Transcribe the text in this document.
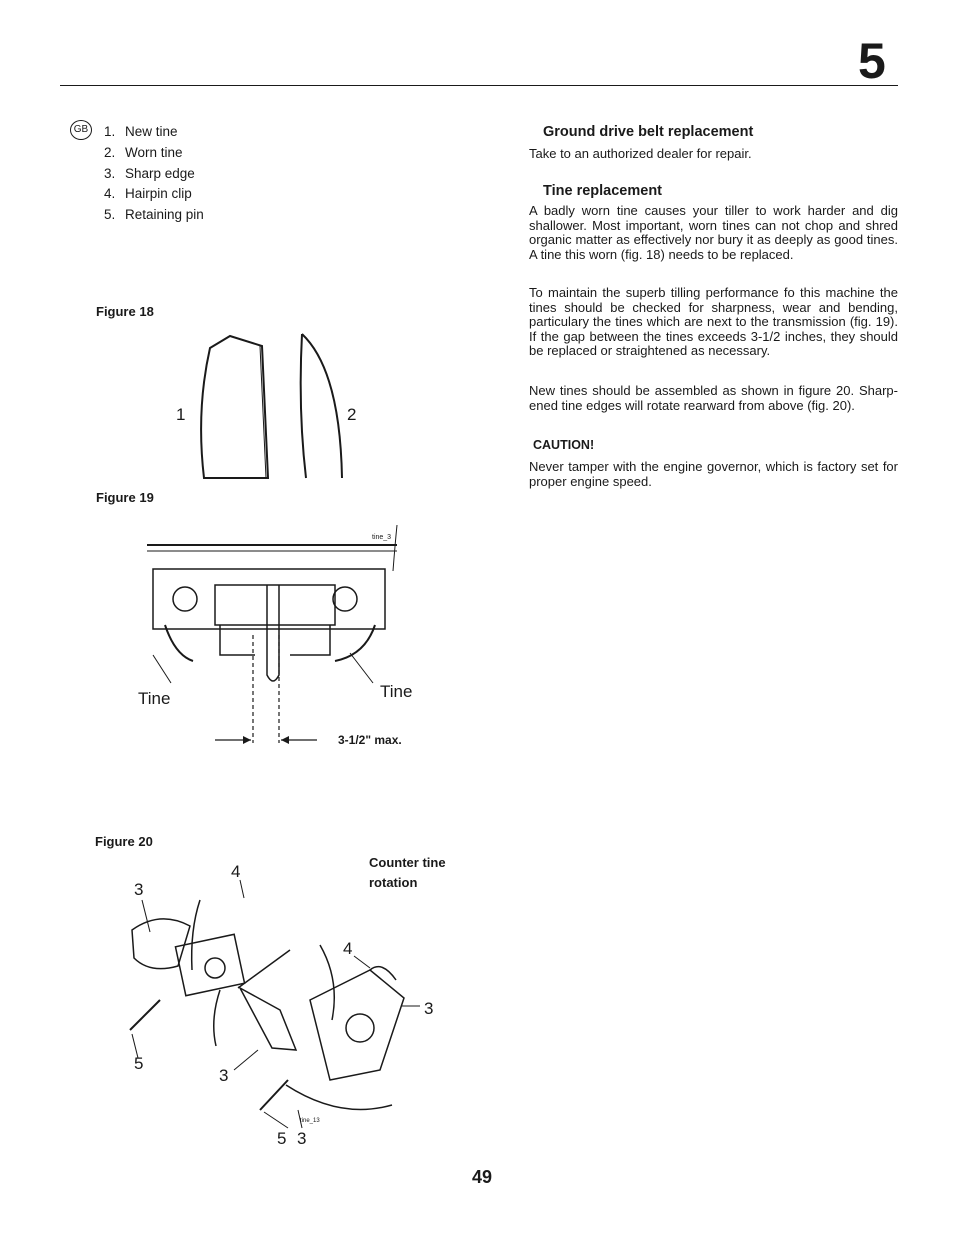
5
GB 1. New tine
2. Worn tine
3. Sharp edge
4. Hairpin clip
5. Retaining pin
Figure 18
1	2
Figure 19
tine_3
Tine	Tine
3-1/2" max.
Figure 20
Counter tine
rotation
3
4
4
3
5
3
5 3
tine_13
Ground drive belt replacement
Take to an authorized dealer for repair.
Tine replacement
A badly worn tine causes your tiller to work harder and dig shallower. Most important, worn tines can not chop and shred organic matter as effectively nor bury it as deeply as good tines. A tine this worn (fig. 18) needs to be replaced.
To maintain the superb tilling performance fo this machine the tines should be checked for sharpness, wear and bending, particulary the tines which are next to the transmission (fig. 19). If the gap between the tines exceeds 3-1/2 inches, they should be replaced or straightened as necessary.
New tines should be assembled as shown in figure 20. Sharp-ened tine edges will rotate rearward from above (fig. 20).
CAUTION!
Never tamper with the engine governor, which is factory set for proper engine speed.
49
